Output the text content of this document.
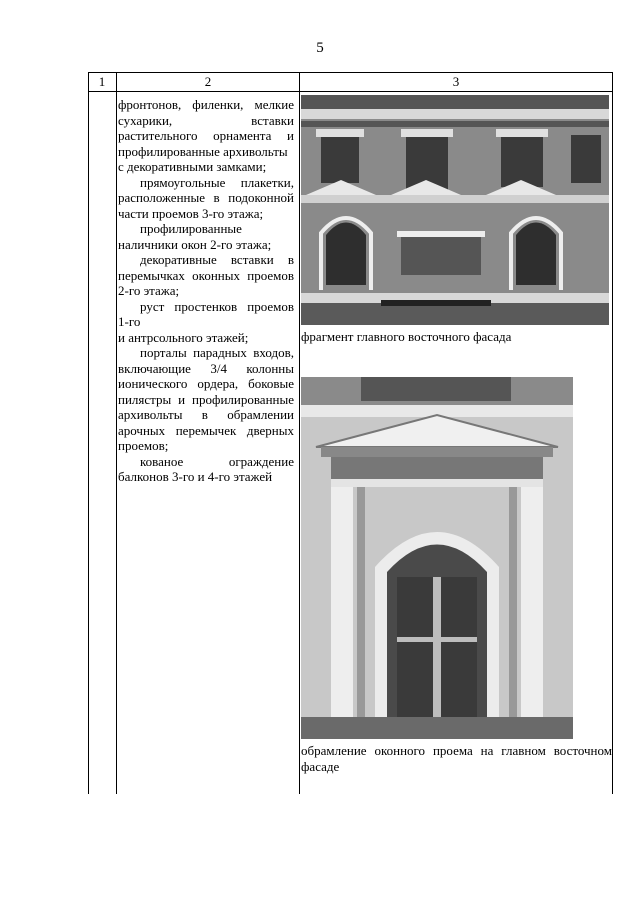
5
1	2	3

фронтонов, филенки, мелкие сухарики, вставки растительного орнамента и профилированные архивольты

с декоративными замками;

прямоугольные плакетки, расположенные в подоконной части проемов 3-го этажа;

профилированные наличники окон 2-го этажа;

декоративные вставки в перемычках оконных проемов 2-го этажа;

руст простенков проемов 1-го

и антрсольного этажей;

порталы парадных входов, включающие 3/4 колонны ионического ордера, боковые пилястры и профилированные архивольты в обрамлении арочных перемычек дверных проемов;

кованое ограждение балконов 3-го и 4-го этажей

фрагмент главного восточного фасада
обрамление оконного проема на главном восточном фасаде
